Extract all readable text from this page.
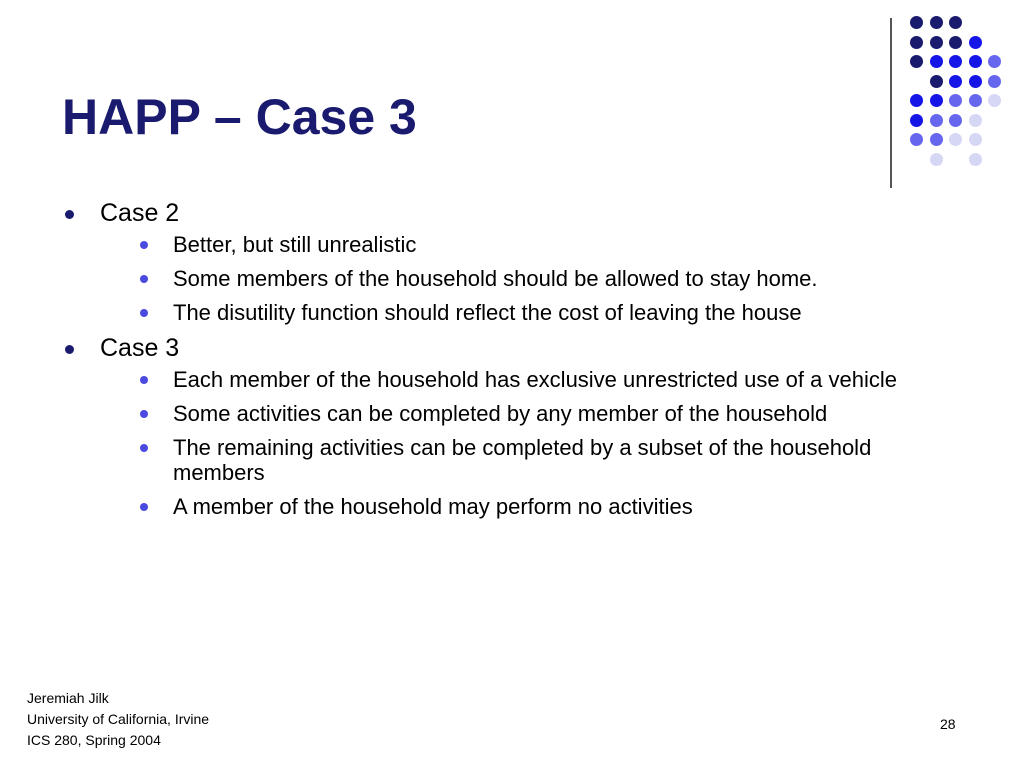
HAPP – Case 3
Case 2
Better, but still unrealistic
Some members of the household should be allowed to stay home.
The disutility function should reflect the cost of leaving the house
Case 3
Each member of the household has exclusive unrestricted use of a vehicle
Some activities can be completed by any member of the household
The remaining activities can be completed by a subset of the household members
A member of the household may perform no activities
Jeremiah Jilk
University of California, Irvine
ICS 280, Spring 2004
28
